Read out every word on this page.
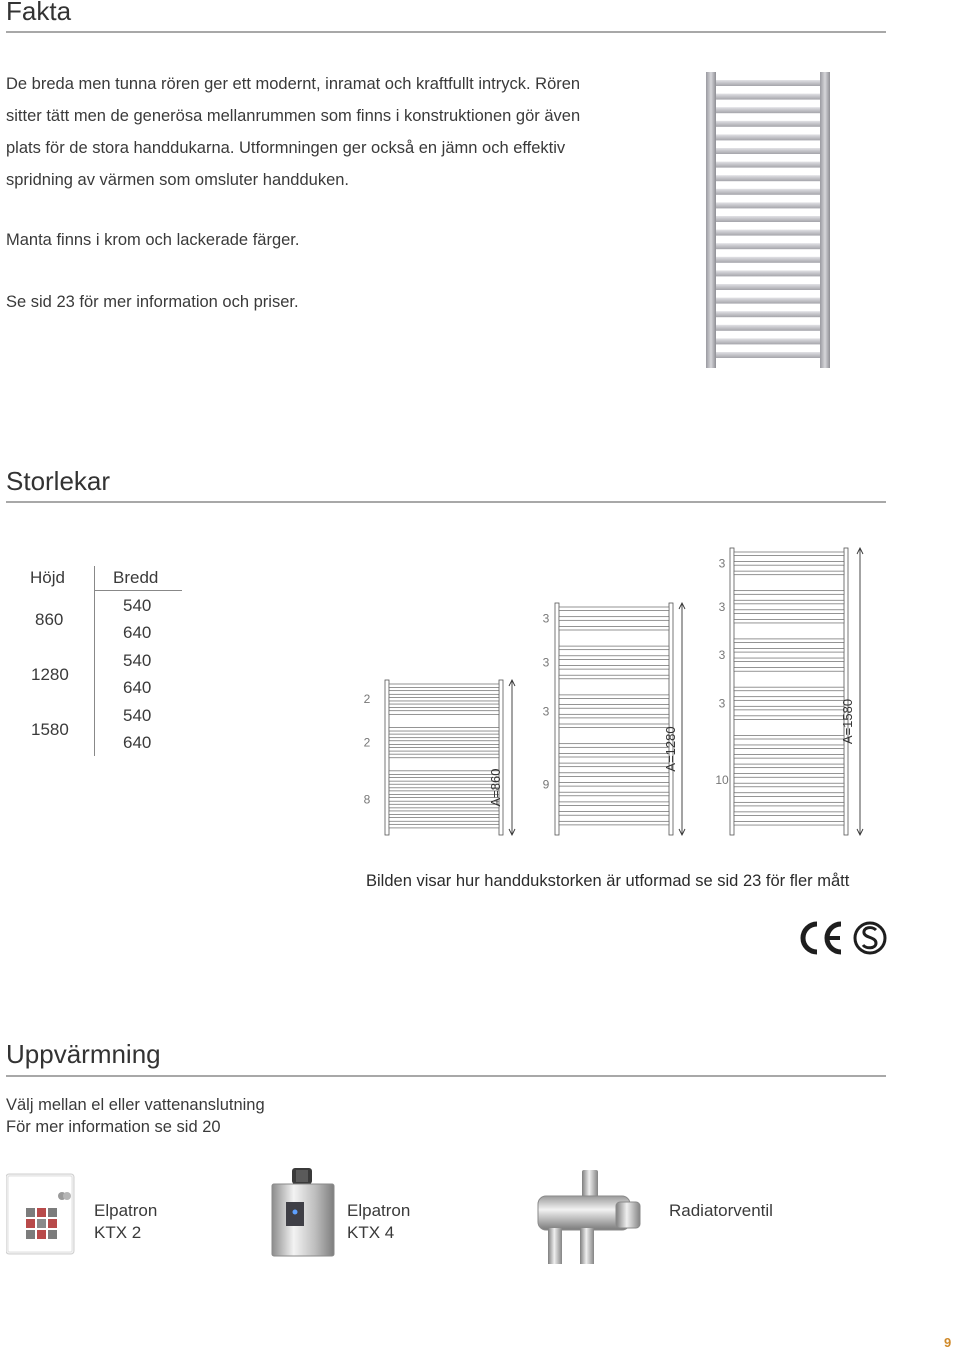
Fakta
De breda men tunna rören ger ett modernt, inramat och kraftfullt intryck. Rören
sitter tätt men de generösa mellanrummen som finns i konstruktionen gör även
plats för de stora handdukarna. Utformningen ger också en jämn och effektiv
spridning av värmen som omsluter handduken.
Manta finns i krom och lackerade färger.
Se sid 23 för mer information och priser.
Storlekar
Höjd	Bredd
860
540
640
1280
540
640
1580
540
640
2
2
8	A=860
3
3
3
9
A=1280
3
3
3
3
10
A=1580
Bilden visar hur handdukstorken är utformad se sid 23 för fler mått
Uppvärmning
Välj mellan el eller vattenanslutning
För mer information se sid 20
Elpatron
KTX 2
Elpatron
KTX 4
Radiatorventil
9
